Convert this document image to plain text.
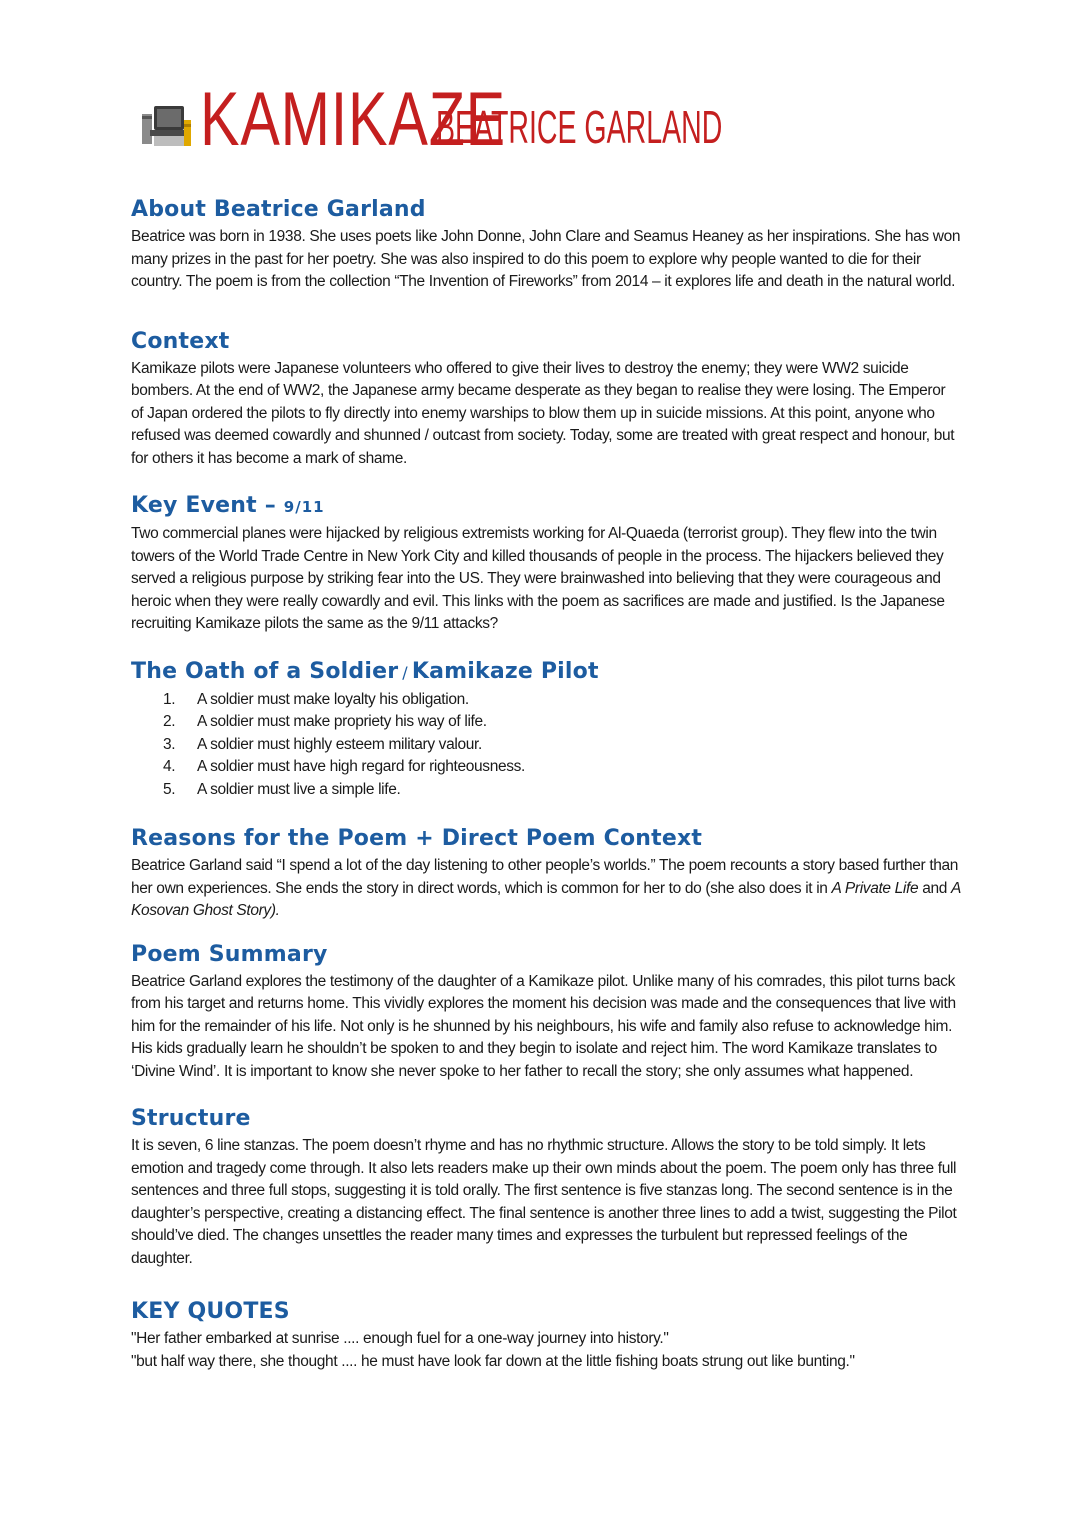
KAMIKAZE
BEATRICE GARLAND
About Beatrice Garland

Beatrice was born in 1938. She uses poets like John Donne, John Clare and Seamus Heaney as her inspirations. She has won many prizes in the past for her poetry. She was also inspired to do this poem to explore why people wanted to die for their country. The poem is from the collection “The Invention of Fireworks” from 2014 – it explores life and death in the natural world.

Context

Kamikaze pilots were Japanese volunteers who offered to give their lives to destroy the enemy; they were WW2 suicide bombers. At the end of WW2, the Japanese army became desperate as they began to realise they were losing. The Emperor of Japan ordered the pilots to fly directly into enemy warships to blow them up in suicide missions. At this point, anyone who refused was deemed cowardly and shunned / outcast from society. Today, some are treated with great respect and honour, but for others it has become a mark of shame.

Key Event – 9/11

Two commercial planes were hijacked by religious extremists working for Al-Quaeda (terrorist group). They flew into the twin towers of the World Trade Centre in New York City and killed thousands of people in the process. The hijackers believed they served a religious purpose by striking fear into the US. They were brainwashed into believing that they were courageous and heroic when they were really cowardly and evil. This links with the poem as sacrifices are made and justified. Is the Japanese recruiting Kamikaze pilots the same as the 9/11 attacks?

The Oath of a Soldier / Kamikaze Pilot
1.	A soldier must make loyalty his obligation.
2.	A soldier must make propriety his way of life.
3.	A soldier must highly esteem military valour.
4.	A soldier must have high regard for righteousness.
5.	A soldier must live a simple life.
Reasons for the Poem + Direct Poem Context

Beatrice Garland said “I spend a lot of the day listening to other people’s worlds.” The poem recounts a story based further than her own experiences. She ends the story in direct words, which is common for her to do (she also does it in A Private Life and A Kosovan Ghost Story).

Poem Summary

Beatrice Garland explores the testimony of the daughter of a Kamikaze pilot. Unlike many of his comrades, this pilot turns back from his target and returns home. This vividly explores the moment his decision was made and the consequences that live with him for the remainder of his life. Not only is he shunned by his neighbours, his wife and family also refuse to acknowledge him. His kids gradually learn he shouldn’t be spoken to and they begin to isolate and reject him. The word Kamikaze translates to ‘Divine Wind’. It is important to know she never spoke to her father to recall the story; she only assumes what happened.

Structure

It is seven, 6 line stanzas. The poem doesn’t rhyme and has no rhythmic structure. Allows the story to be told simply. It lets emotion and tragedy come through. It also lets readers make up their own minds about the poem. The poem only has three full sentences and three full stops, suggesting it is told orally. The first sentence is five stanzas long. The second sentence is in the daughter’s perspective, creating a distancing effect. The final sentence is another three lines to add a twist, suggesting the Pilot should’ve died. The changes unsettles the reader many times and expresses the turbulent but repressed feelings of the daughter.

KEY QUOTES

"Her father embarked at sunrise .... enough fuel for a one-way journey into history."

"but half way there, she thought .... he must have look far down at the little fishing boats strung out like bunting."
